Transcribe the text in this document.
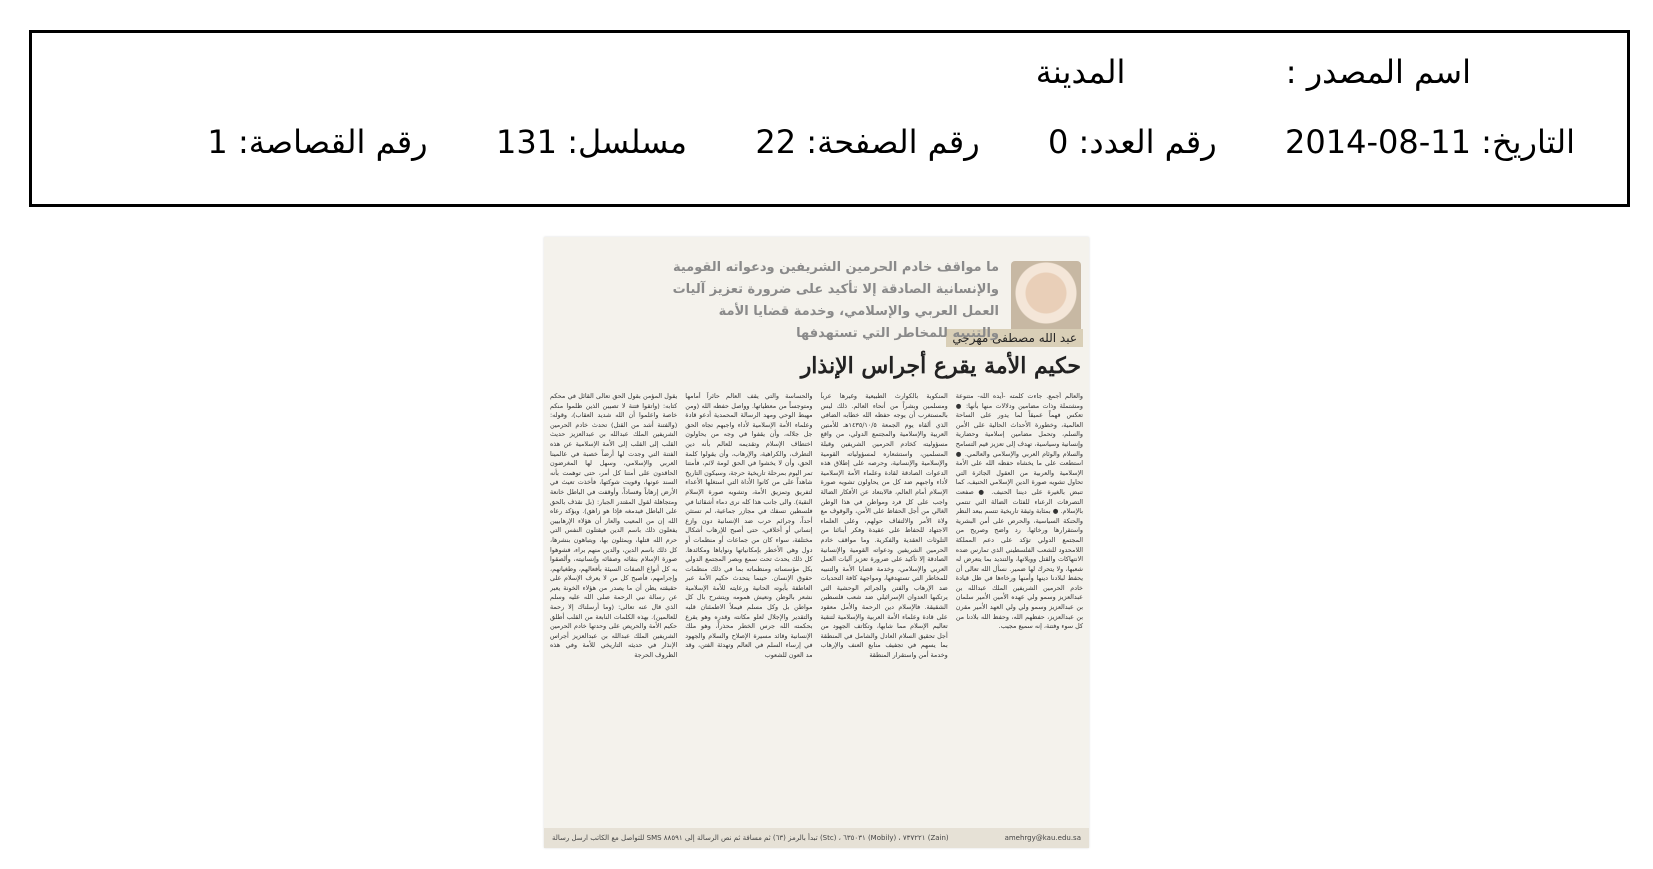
اسم المصدر :  المدينة
التاريخ: 2014-08-11  رقم العدد: 0  رقم الصفحة: 22  مسلسل: 131  رقم القصاصة: 1
عبد الله مصطفى مهرجي
ما مواقف خادم الحرمين الشريفين ودعواته القومية والإنسانية الصادقة إلا تأكيد على ضرورة تعزيز آليات العمل العربي والإسلامي، وخدمة قضايا الأمة والتنبيه للمخاطر التي تستهدفها
حكيم الأمة يقرع أجراس الإنذار
يقول المؤمن بقول الحق تعالى القائل في محكم كتابه: (واتقوا فتنة لا تصيبن الذين ظلموا منكم خاصة واعلموا أن الله شديد العقاب)، وقوله: (والفتنة أشد من القتل) تحدث خادم الحرمين الشريفين الملك عبدالله بن عبدالعزيز حديث القلب إلى القلب إلى الأمة الإسلامية عن هذه الفتنة التي وجدت لها أرضاً خصبة في عالمينا العربي والإسلامي، وسهل لها المغرضون الحاقدون على أمتنا كل أمر، حتى توهمت بأنه السند عونها، وقويت شوكتها، فأخذت تعيث في الأرض إرهاباً وفساداً، وأوقفت في الباطل خانعة ومتجاهلة لقول المقتدر الجبار: (بل نقذف بالحق على الباطل فيدمغه فإذا هو زاهق). ويؤكد رعاه الله إن من المعيب والعار أن هؤلاء الإرهابيين يفعلون ذلك باسم الدين فيقتلون النفس التي حرم الله قتلها، ويمثلون بها، ويتباهون بنشرها، كل ذلك باسم الدين، والدين منهم براء، فشوهوا صورة الإسلام بنقائه وصفائه وإنسانيته، وألصقوا به كل أنواع الصفات السيئة بأفعالهم، وطغيانهم، وإجرامهم، فأصبح كل من لا يعرف الإسلام على حقيقته يظن أن ما يصدر من هؤلاء الخونة يعبر عن رسالة نبي الرحمة صلى الله عليه وسلم الذي قال عنه تعالى: (وما أرسلناك إلا رحمة للعالمين). بهذه الكلمات النابعة من القلب أطلق حكيم الأمة والحريص على وحدتها خادم الحرمين الشريفين الملك عبدالله بن عبدالعزيز أجراس الإنذار في حديثه التاريخي للأمة وفي هذه الظروف الحرجة
والحساسة والتي يقف العالم حائراً أمامها ومتوجساً من معطياتها. وواصل حفظه الله (ومن مهبط الوحي ومهد الرسالة المحمدية أدعو قادة وعلماء الأمة الإسلامية لأداء واجبهم تجاه الحق جل جلاله، وأن يقفوا في وجه من يحاولون اختطاف الإسلام وتقديمه للعالم بأنه دين التطرف، والكراهية، والإرهاب، وأن يقولوا كلمة الحق، وأن لا يخشوا في الحق لومة لائم، فأمتنا تمر اليوم بمرحلة تاريخية حرجة، وسيكون التاريخ شاهداً على من كانوا الأداة التي استغلها الأعداء لتفريق وتمزيق الأمة، وتشويه صورة الإسلام النقية). والى جانب هذا كله نرى دماء أشقائنا في فلسطين تسفك في مجازر جماعية، لم تستثن أحداً، وجرائم حرب ضد الإنسانية دون وازع إنساني أو أخلاقي، حتى أصبح للإرهاب أشكال مختلفة، سواء كان من جماعات أو منظمات أو دول وهي الأخطر بإمكانياتها ونواياها ومكائدها. كل ذلك يحدث تحت سمع وبصر المجتمع الدولي بكل مؤسساته ومنظماته بما في ذلك منظمات حقوق الإنسان. حينما يتحدث حكيم الأمة عبر العاطفة بأبوته الحانية ورعايته للأمة الإسلامية نشعر بالوطن ونعيش همومه ويتشرح بال كل مواطن بل وكل مسلم فيملأ الاطمئنان قلبه والتقدير والإجلال لعلو مكانته وقدره وهو يقرع بحكمته الله جرس الخطر محذراً، وهو ملك الإنسانية وقائد مسيرة الإصلاح والسلام والجهود في إرساء السلم في العالم وتهدئة الفتن، وقد مد العون للشعوب
المنكوبة بالكوارث الطبيعية وغيرها عرباً ومسلمين وبشراً من أنحاء العالم. ذلك ليس بالمستغرب أن يوجه حفظه الله خطابه الضافي الذي ألقاه يوم الجمعة ١٤٣٥/١٠/٥هـ للأمتين العربية والإسلامية والمجتمع الدولي، من واقع مسؤوليته كخادم الحرمين الشريفين وقبلة المسلمين، واستشعاره لمسؤولياته القومية والإسلامية والإنسانية، وحرصه على إطلاق هذه الدعوات الصادقة لقادة وعلماء الأمة الإسلامية لأداء واجبهم ضد كل من يحاولون تشويه صورة الإسلام أمام العالم، فالابتعاد عن الأفكار الضالة واجب على كل فرد ومواطن في هذا الوطن الغالي من أجل الحفاظ على الأمن، والوقوف مع ولاة الأمر والالتفاف حولهم، وعلى العلماء الاجتهاد للحفاظ على عقيدة وفكر أبنائنا من التلوثات العقدية والفكرية. وما مواقف خادم الحرمين الشريفين ودعواته القومية والإنسانية الصادقة إلا تأكيد على ضرورة تعزيز آليات العمل العربي والإسلامي، وخدمة قضايا الأمة والتنبيه للمخاطر التي تستهدفها، ومواجهة كافة التحديات ضد الإرهاب والفتن والجرائم الوحشية التي يرتكبها العدوان الإسرائيلي ضد شعب فلسطين الشقيقة. فالإسلام دين الرحمة والأمل معقود على قادة وعلماء الأمة العربية والإسلامية لتنقية تعاليم الإسلام مما شابها، وتكاتف الجهود من أجل تحقيق السلام العادل والشامل في المنطقة بما يسهم في تجفيف منابع العنف والإرهاب وخدمة أمن واستقرار المنطقة
والعالم أجمع. جاءت كلمته -أيده الله- متنوعة ومشتملة وذات مضامين ودلالات منها بأنها: ● تعكس فهماً عميقاً لما يدور على الساحة العالمية، وخطورة الأحداث الحالية على الأمن والسلم، وتحمل مضامين إسلامية وحضارية وإنسانية وسياسية، تهدف إلى تعزيز قيم التسامح والسلام والوئام العربي والإسلامي والعالمي. ● استطعت على ما يخشاه حفظه الله على الأمة الإسلامية والعربية من العقول الجائرة التي تحاول تشويه صورة الدين الإسلامي الحنيف، كما تنبض بالغيرة على ديننا الحنيف. ● صفعت التصرفات الرعناء للفئات الضالة التي تنتمي بالإسلام. ● بمثابة وثيقة تاريخية تتسم ببعد النظر والحنكة السياسية، والحرص على أمن البشرية واستقرارها ورخائها. رد واضح وصريح من المجتمع الدولي تؤكد على دعم المملكة اللامحدود للشعب الفلسطيني الذي تمارس ضده الانتهاكات والقتل وويلاتها، والتنديد بما يتعرض له شعبها، ولا يتحرك لها ضمير. نسأل الله تعالى أن يحفظ لبلادنا دينها وأمنها ورخاءها في ظل قيادة خادم الحرمين الشريفين الملك عبدالله بن عبدالعزيز وسمو ولي عهده الأمين الأمير سلمان بن عبدالعزيز وسمو ولي ولي العهد الأمير مقرن بن عبدالعزيز، حفظهم الله، وحفظ الله بلادنا من كل سوء وفتنة، إنه سميع مجيب.
للتواصل مع الكاتب ارسل رسالة SMS تبدأ بالرمز (٦٣) ثم مسافة ثم نص الرسالة إلى ٨٨٥٩١ (Stc) ، ٦٣٥٠٣١ (Mobily) ، ٧٣٧٢٢١ (Zain)	amehrgy@kau.edu.sa
